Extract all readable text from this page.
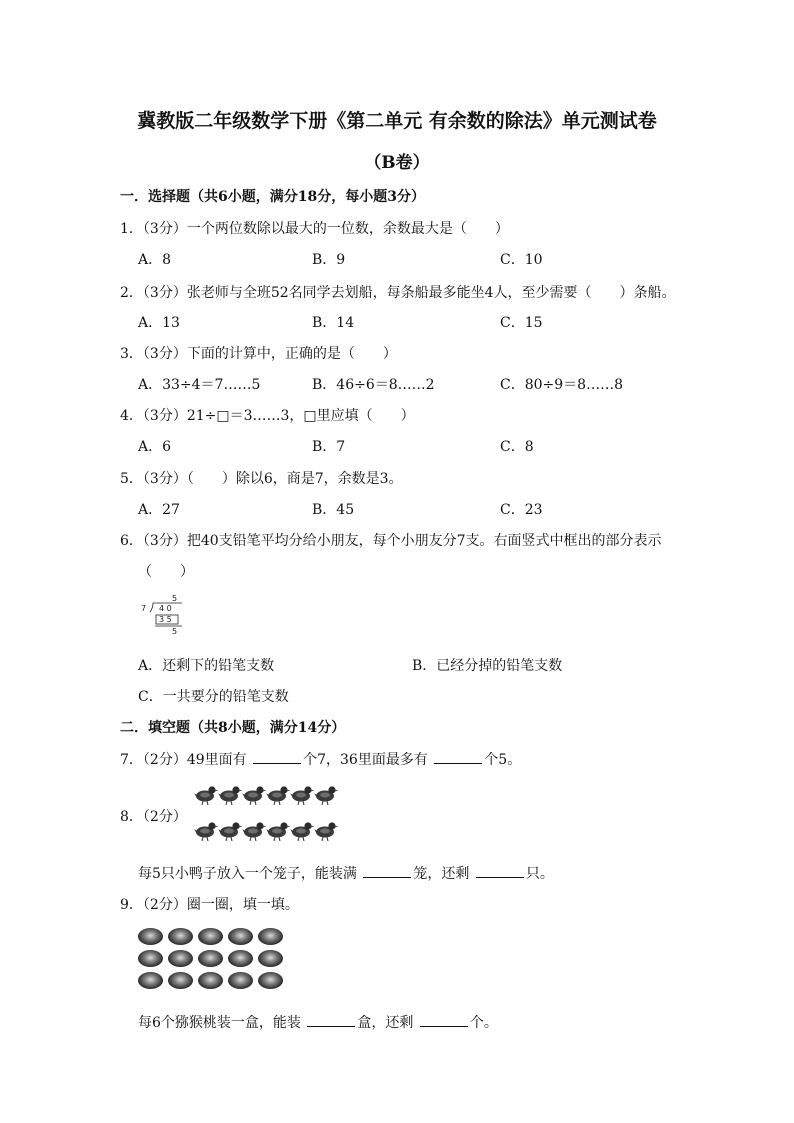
冀教版二年级数学下册《第二单元 有余数的除法》单元测试卷
（B卷）
一．选择题（共6小题，满分18分，每小题3分）
1．（3分）一个两位数除以最大的一位数，余数最大是（　　）
A．8	B．9	C．10
2．（3分）张老师与全班52名同学去划船，每条船最多能坐4人，至少需要（　　）条船。
A．13	B．14	C．15
3．（3分）下面的计算中，正确的是（　　）
A．33÷4＝7……5	B．46÷6＝8……2	C．80÷9＝8……8
4．（3分）21÷□＝3……3，□里应填（　　）
A．6	B．7	C．8
5．（3分）（　　）除以6，商是7，余数是3。
A．27	B．45	C．23
6．（3分）把40支铅笔平均分给小朋友，每个小朋友分7支。右面竖式中框出的部分表示
（　　）
5
7 4 0
3 5
5
A．还剩下的铅笔支数	B．已经分掉的铅笔支数
C．一共要分的铅笔支数
二．填空题（共8小题，满分14分）
7．（2分）49里面有	个7，36里面最多有	个5。
8．（2分）
每5只小鸭子放入一个笼子，能装满	笼，还剩	只。
9．（2分）圈一圈，填一填。
每6个猕猴桃装一盒，能装	盒，还剩	个。
